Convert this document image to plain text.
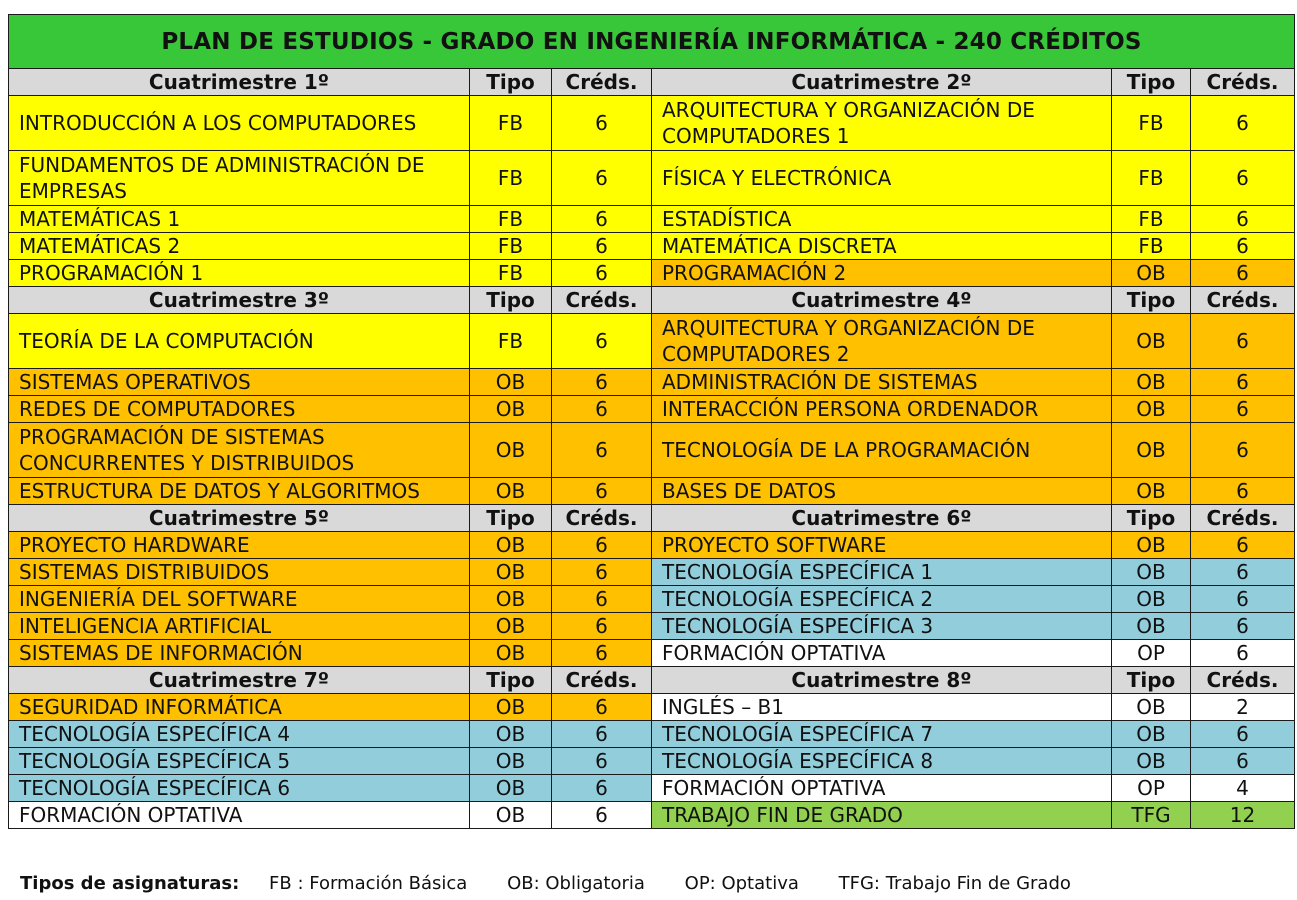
PLAN DE ESTUDIOS - GRADO EN INGENIERÍA INFORMÁTICA - 240 CRÉDITOS					
Cuatrimestre 1º	Tipo	Créds.	Cuatrimestre 2º	Tipo	Créds.
INTRODUCCIÓN A LOS COMPUTADORES	FB	6	ARQUITECTURA Y ORGANIZACIÓN DE COMPUTADORES 1	FB	6
FUNDAMENTOS DE ADMINISTRACIÓN DE EMPRESAS	FB	6	FÍSICA Y ELECTRÓNICA	FB	6
MATEMÁTICAS 1	FB	6	ESTADÍSTICA	FB	6
MATEMÁTICAS 2	FB	6	MATEMÁTICA DISCRETA	FB	6
PROGRAMACIÓN 1	FB	6	PROGRAMACIÓN 2	OB	6
Cuatrimestre 3º	Tipo	Créds.	Cuatrimestre 4º	Tipo	Créds.
TEORÍA DE LA COMPUTACIÓN	FB	6	ARQUITECTURA Y ORGANIZACIÓN DE COMPUTADORES 2	OB	6
SISTEMAS OPERATIVOS	OB	6	ADMINISTRACIÓN DE SISTEMAS	OB	6
REDES DE COMPUTADORES	OB	6	INTERACCIÓN PERSONA ORDENADOR	OB	6
PROGRAMACIÓN DE SISTEMAS CONCURRENTES Y DISTRIBUIDOS	OB	6	TECNOLOGÍA DE LA PROGRAMACIÓN	OB	6
ESTRUCTURA DE DATOS Y ALGORITMOS	OB	6	BASES DE DATOS	OB	6
Cuatrimestre 5º	Tipo	Créds.	Cuatrimestre 6º	Tipo	Créds.
PROYECTO HARDWARE	OB	6	PROYECTO SOFTWARE	OB	6
SISTEMAS DISTRIBUIDOS	OB	6	TECNOLOGÍA ESPECÍFICA 1	OB	6
INGENIERÍA DEL SOFTWARE	OB	6	TECNOLOGÍA ESPECÍFICA 2	OB	6
INTELIGENCIA ARTIFICIAL	OB	6	TECNOLOGÍA ESPECÍFICA 3	OB	6
SISTEMAS DE INFORMACIÓN	OB	6	FORMACIÓN OPTATIVA	OP	6
Cuatrimestre 7º	Tipo	Créds.	Cuatrimestre 8º	Tipo	Créds.
SEGURIDAD INFORMÁTICA	OB	6	INGLÉS – B1	OB	2
TECNOLOGÍA ESPECÍFICA 4	OB	6	TECNOLOGÍA ESPECÍFICA 7	OB	6
TECNOLOGÍA ESPECÍFICA 5	OB	6	TECNOLOGÍA ESPECÍFICA 8	OB	6
TECNOLOGÍA ESPECÍFICA 6	OB	6	FORMACIÓN OPTATIVA	OP	4
FORMACIÓN OPTATIVA	OB	6	TRABAJO FIN DE GRADO	TFG	12
Tipos de asignaturas: FB : Formación Básica OB: Obligatoria OP: Optativa TFG: Trabajo Fin de Grado
